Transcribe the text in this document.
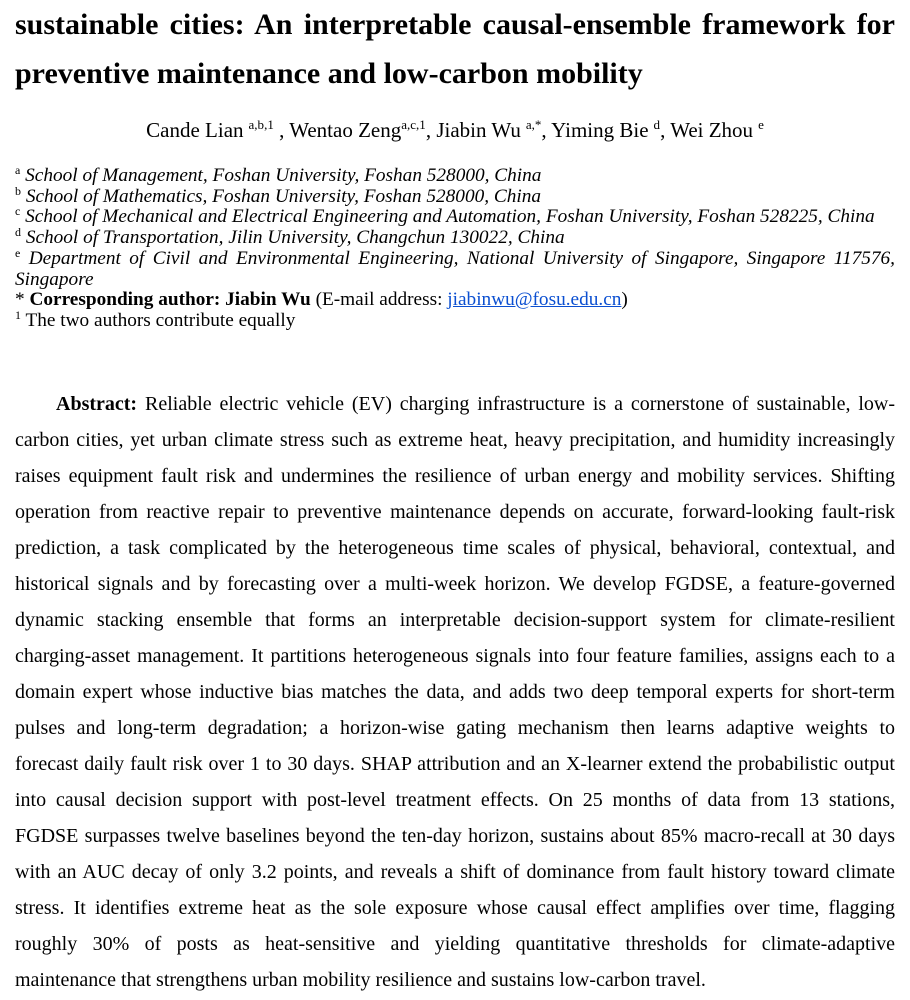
sustainable cities: An interpretable causal-ensemble framework for
preventive maintenance and low-carbon mobility
Cande Lian $^{a,b,1}$ , Wentao Zeng$^{a,c,1}$, Jiabin Wu $^{a,*}$, Yiming Bie $^d$, Wei Zhou $^e$
$^a$ School of Management, Foshan University, Foshan 528000, China
$^b$ School of Mathematics, Foshan University, Foshan 528000, China
$^c$ School of Mechanical and Electrical Engineering and Automation, Foshan University, Foshan 528225, China
$^d$ School of Transportation, Jilin University, Changchun 130022, China
$^e$ Department of Civil and Environmental Engineering, National University of Singapore, Singapore 117576, Singapore
* Corresponding author: Jiabin Wu (E-mail address: jiabinwu@fosu.edu.cn)
$^1$ The two authors contribute equally
Abstract: Reliable electric vehicle (EV) charging infrastructure is a cornerstone of sustainable, low-
carbon cities, yet urban climate stress such as extreme heat, heavy precipitation, and humidity increasingly
raises equipment fault risk and undermines the resilience of urban energy and mobility services. Shifting
operation from reactive repair to preventive maintenance depends on accurate, forward-looking fault-risk
prediction, a task complicated by the heterogeneous time scales of physical, behavioral, contextual, and
historical signals and by forecasting over a multi-week horizon. We develop FGDSE, a feature-governed
dynamic stacking ensemble that forms an interpretable decision-support system for climate-resilient
charging-asset management. It partitions heterogeneous signals into four feature families, assigns each to a
domain expert whose inductive bias matches the data, and adds two deep temporal experts for short-term
pulses and long-term degradation; a horizon-wise gating mechanism then learns adaptive weights to
forecast daily fault risk over 1 to 30 days. SHAP attribution and an X-learner extend the probabilistic output
into causal decision support with post-level treatment effects. On 25 months of data from 13 stations,
FGDSE surpasses twelve baselines beyond the ten-day horizon, sustains about 85% macro-recall at 30 days
with an AUC decay of only 3.2 points, and reveals a shift of dominance from fault history toward climate
stress. It identifies extreme heat as the sole exposure whose causal effect amplifies over time, flagging
roughly 30% of posts as heat-sensitive and yielding quantitative thresholds for climate-adaptive
maintenance that strengthens urban mobility resilience and sustains low-carbon travel.
